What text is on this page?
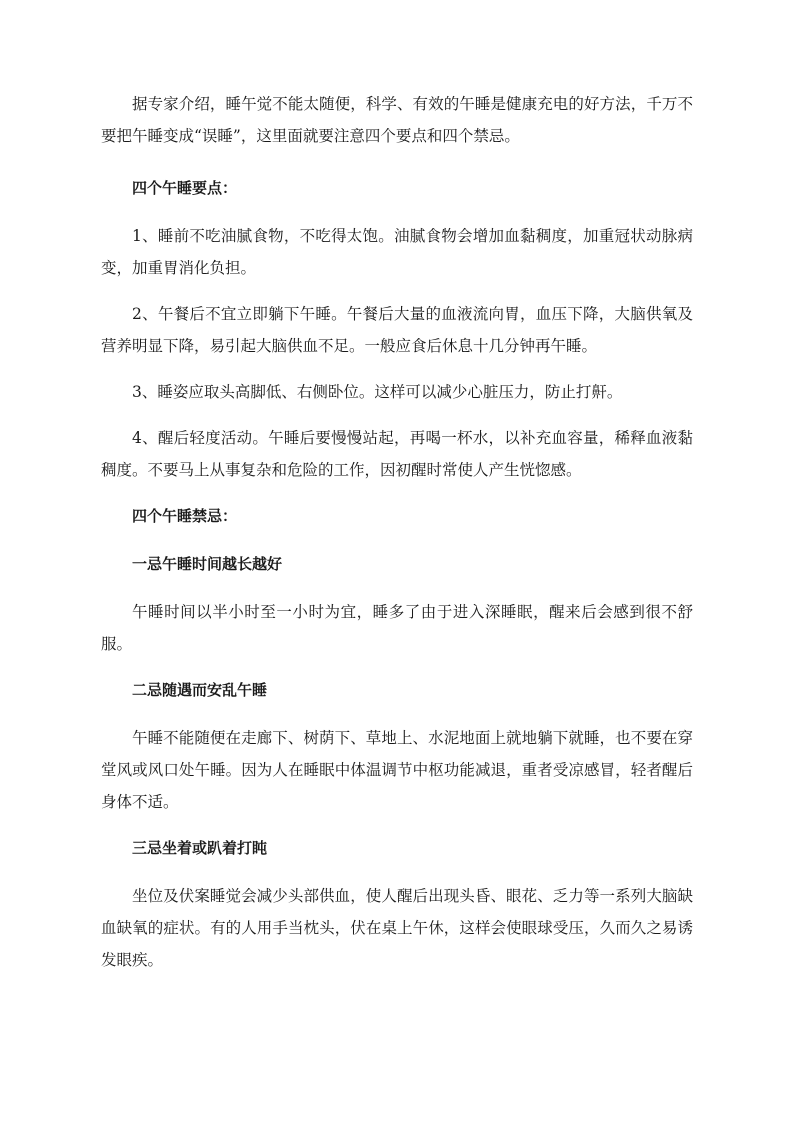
据专家介绍，睡午觉不能太随便，科学、有效的午睡是健康充电的好方法，千万不要把午睡变成“误睡”，这里面就要注意四个要点和四个禁忌。

四个午睡要点：

1、睡前不吃油腻食物，不吃得太饱。油腻食物会增加血黏稠度，加重冠状动脉病变，加重胃消化负担。

2、午餐后不宜立即躺下午睡。午餐后大量的血液流向胃，血压下降，大脑供氧及营养明显下降，易引起大脑供血不足。一般应食后休息十几分钟再午睡。

3、睡姿应取头高脚低、右侧卧位。这样可以减少心脏压力，防止打鼾。

4、醒后轻度活动。午睡后要慢慢站起，再喝一杯水，以补充血容量，稀释血液黏稠度。不要马上从事复杂和危险的工作，因初醒时常使人产生恍惚感。

四个午睡禁忌：

一忌午睡时间越长越好

午睡时间以半小时至一小时为宜，睡多了由于进入深睡眠，醒来后会感到很不舒服。

二忌随遇而安乱午睡

午睡不能随便在走廊下、树荫下、草地上、水泥地面上就地躺下就睡，也不要在穿堂风或风口处午睡。因为人在睡眠中体温调节中枢功能减退，重者受凉感冒，轻者醒后身体不适。

三忌坐着或趴着打盹

坐位及伏案睡觉会减少头部供血，使人醒后出现头昏、眼花、乏力等一系列大脑缺血缺氧的症状。有的人用手当枕头，伏在桌上午休，这样会使眼球受压，久而久之易诱发眼疾。
